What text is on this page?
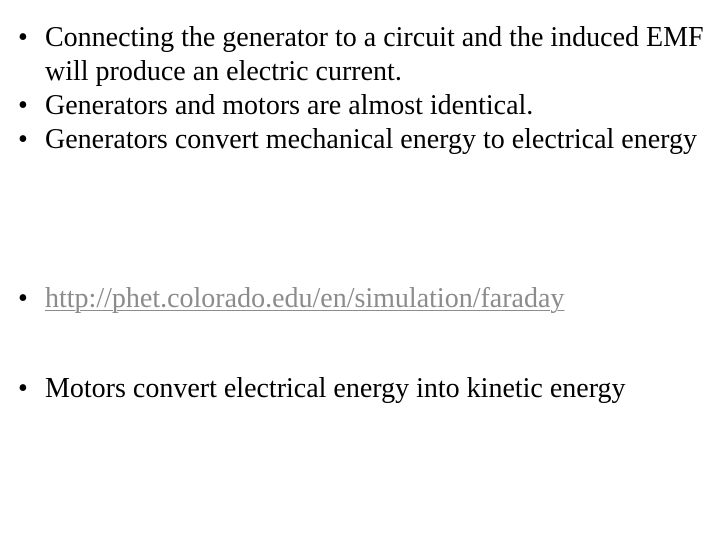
• Connecting the generator to a circuit and the induced EMF will produce an electric current.
• Generators and motors are almost identical.
• Generators convert mechanical energy to electrical energy
• http://phet.colorado.edu/en/simulation/faraday
• Motors convert electrical energy into kinetic energy
